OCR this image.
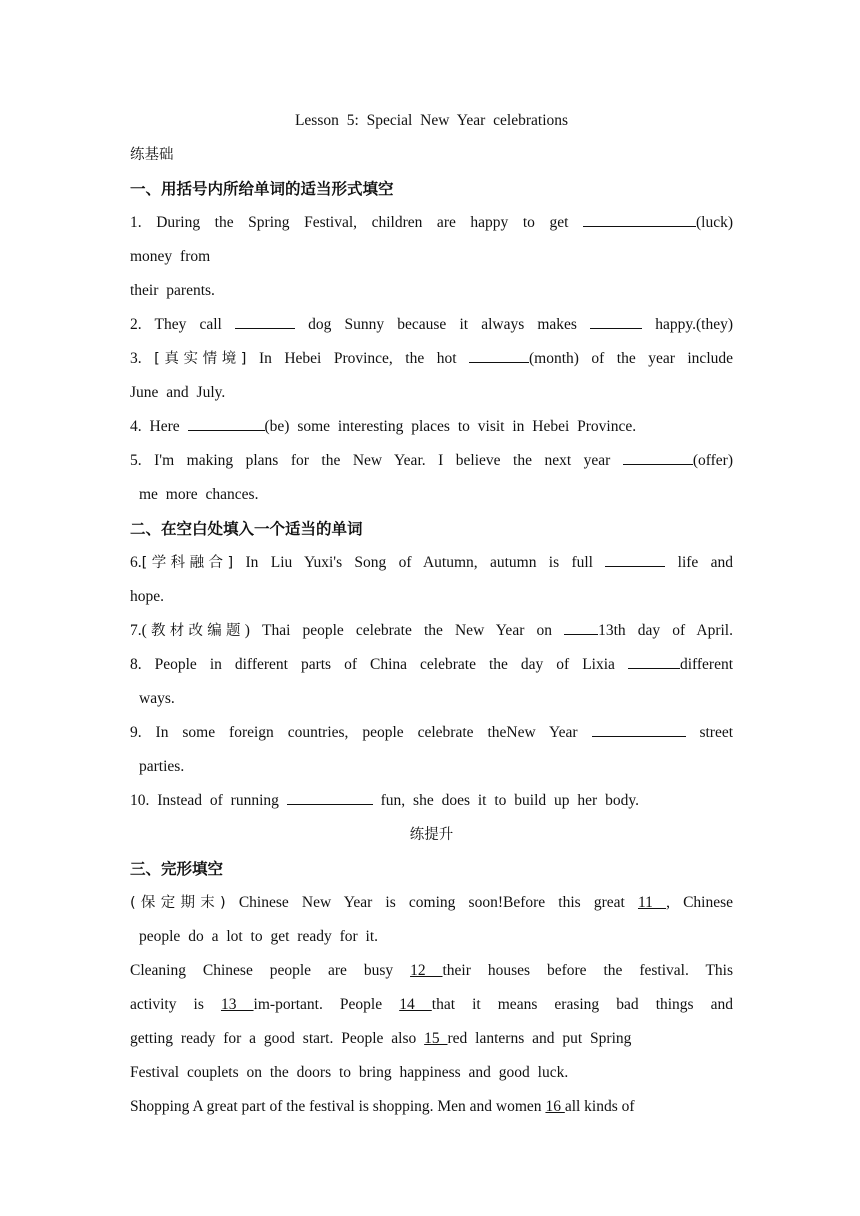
Lesson 5: Special New Year celebrations
练基础
一、用括号内所给单词的适当形式填空
1. During the Spring Festival, children are happy to get	(luck)
money from
their parents.
2. They call	dog Sunny because it always makes	happy.(they)
3. [真实情境] In Hebei Province, the hot	(month) of the year include
June and July.
4. Here	(be) some interesting places to visit in Hebei Province.
5. I'm making plans for the New Year. I believe the next year	(offer)
me more chances.
二、在空白处填入一个适当的单词
6.[学科融合] In Liu Yuxi's Song of Autumn, autumn is full	life and
hope.
7.(教材改编题) Thai people celebrate the New Year on	13th day of April.
8. People in different parts of China celebrate the day of Lixia	different
ways.
9. In some foreign countries, people celebrate theNew Year	street
parties.
10. Instead of running	fun, she does it to build up her body.
练提升
三、完形填空
(保定期末) Chinese New Year is coming soon!Before this great 11 , Chinese
people do a lot to get ready for it.
Cleaning Chinese people are busy 12 their houses before the festival. This
activity is 13 im-portant. People 14 that it means erasing bad things and
getting ready for a good start. People also 15 red lanterns and put Spring
Festival couplets on the doors to bring happiness and good luck.
Shopping A great part of the festival is shopping. Men and women 16 all kinds of
